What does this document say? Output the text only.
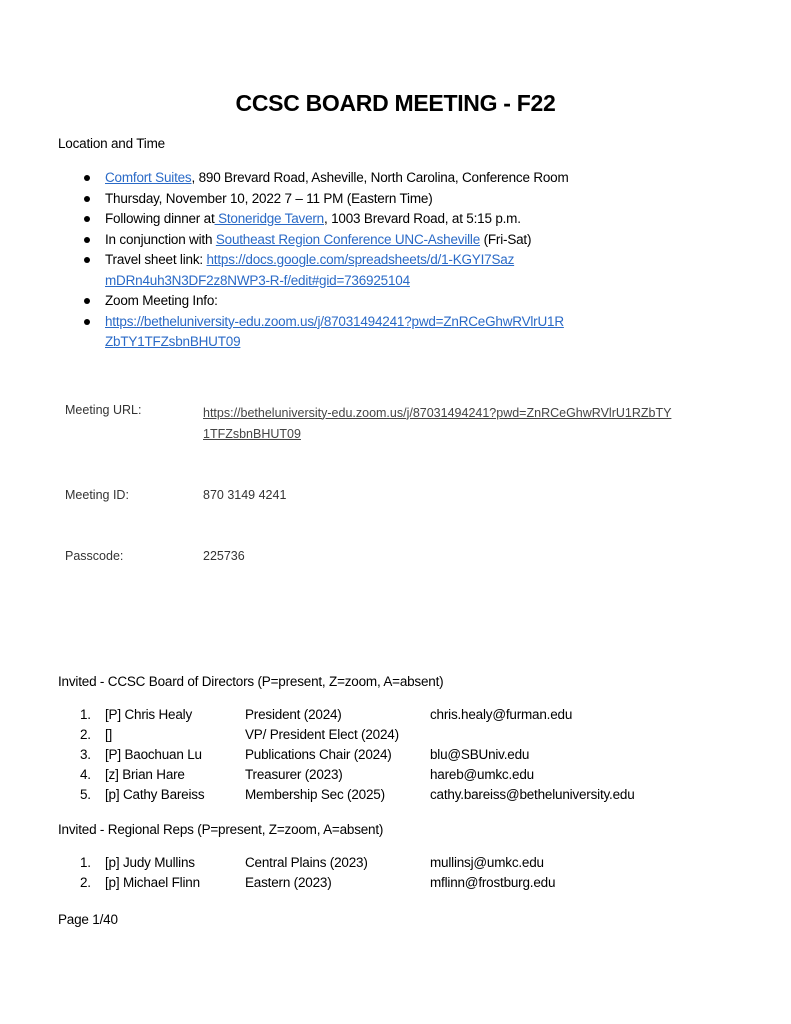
CCSC BOARD MEETING - F22
Location and Time
Comfort Suites, 890 Brevard Road, Asheville, North Carolina, Conference Room
Thursday, November 10, 2022 7 – 11 PM (Eastern Time)
Following dinner at Stoneridge Tavern, 1003 Brevard Road, at 5:15 p.m.
In conjunction with Southeast Region Conference UNC-Asheville (Fri-Sat)
Travel sheet link: https://docs.google.com/spreadsheets/d/1-KGYI7SazmDRn4uh3N3DF2z8NWP3-R-f/edit#gid=736925104
Zoom Meeting Info:
https://betheluniversity-edu.zoom.us/j/87031494241?pwd=ZnRCeGhwRVlrU1RZbTY1TFZsbnBHUT09
Meeting URL:	https://betheluniversity-edu.zoom.us/j/87031494241?pwd=ZnRCeGhwRVlrU1RZbTY1TFZsbnBHUT09
Meeting ID:	870 3149 4241
Passcode:	225736
Invited - CCSC Board of Directors (P=present, Z=zoom, A=absent)
1.	[P] Chris Healy	President (2024)	chris.healy@furman.edu
2.	[]	VP/ President Elect (2024)
3.	[P] Baochuan Lu	Publications Chair (2024)	blu@SBUniv.edu
4.	[z] Brian Hare	Treasurer (2023)	hareb@umkc.edu
5.	[p] Cathy Bareiss	Membership Sec (2025)	cathy.bareiss@betheluniversity.edu
Invited - Regional Reps (P=present, Z=zoom, A=absent)
1.	[p] Judy Mullins	Central Plains (2023)	mullinsj@umkc.edu
2.	[p] Michael Flinn	Eastern (2023)	mflinn@frostburg.edu
Page 1/40
